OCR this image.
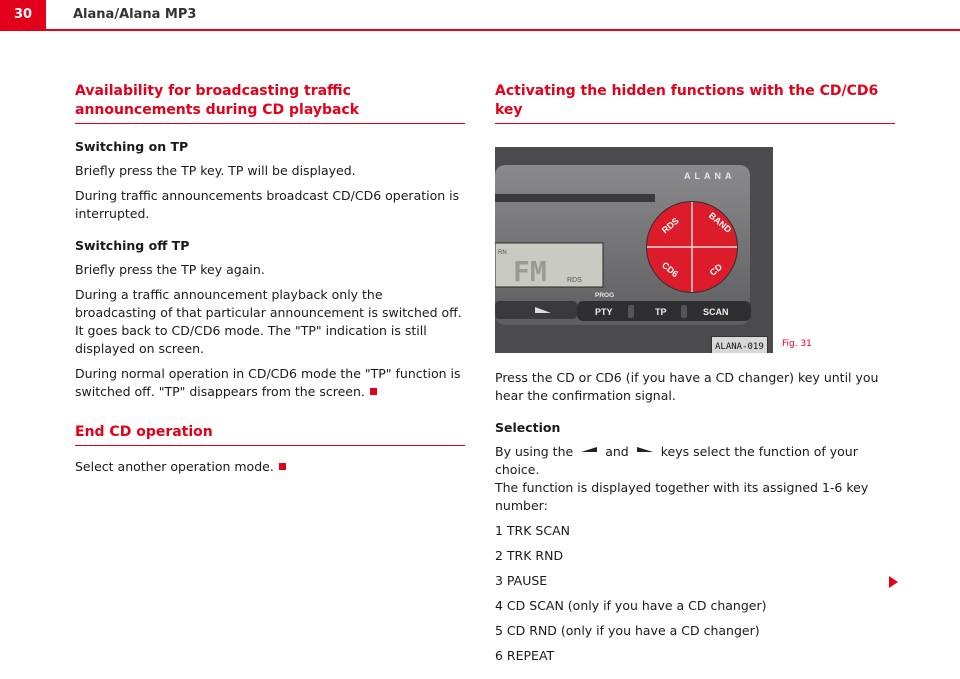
30	Alana/Alana MP3
Availability for broadcasting traffic announcements during CD playback
Switching on TP

Briefly press the TP key. TP will be displayed.

During traffic announcements broadcast CD/CD6 operation is interrupted.

Switching off TP

Briefly press the TP key again.

During a traffic announcement playback only the broadcasting of that particular announcement is switched off. It goes back to CD/CD6 mode. The "TP" indication is still displayed on screen.

During normal operation in CD/CD6 mode the "TP" function is switched off. "TP" disappears from the screen.

End CD operation

Select another operation mode.

Activating the hidden functions with the CD/CD6 key
ALANA
RN
FM	RDS
RDS	BAND
CD6	CD
PROG
PTY	TP	SCAN
ALANA-019	Fig. 31

Press the CD or CD6 (if you have a CD changer) key until you hear the confirmation signal.

Selection

By using the	and	keys select the function of your choice.

The function is displayed together with its assigned 1-6 key number:

1 TRK SCAN

2 TRK RND

3 PAUSE

4 CD SCAN (only if you have a CD changer)

5 CD RND (only if you have a CD changer)

6 REPEAT
